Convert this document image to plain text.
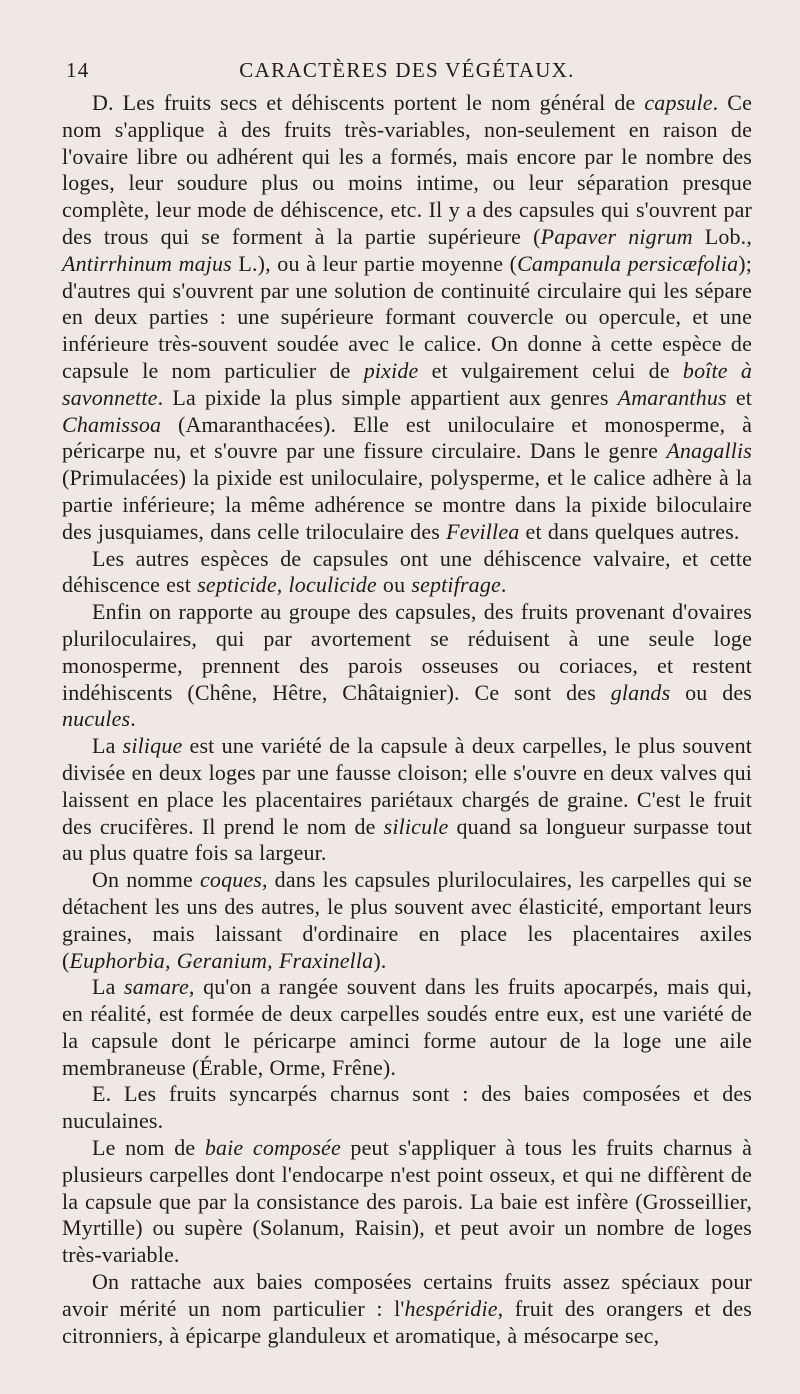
14	CARACTÈRES DES VÉGÉTAUX.

D. Les fruits secs et déhiscents portent le nom général de capsule. Ce nom s'applique à des fruits très-variables, non-seulement en raison de l'ovaire libre ou adhérent qui les a formés, mais encore par le nombre des loges, leur soudure plus ou moins intime, ou leur séparation presque complète, leur mode de déhiscence, etc. Il y a des capsules qui s'ouvrent par des trous qui se forment à la partie supérieure (Papaver nigrum Lob., Antirrhinum majus L.), ou à leur partie moyenne (Campanula persicæfolia); d'autres qui s'ouvrent par une solution de continuité circulaire qui les sépare en deux parties : une supérieure formant couvercle ou opercule, et une inférieure très-souvent soudée avec le calice. On donne à cette espèce de capsule le nom particulier de pixide et vulgairement celui de boîte à savonnette. La pixide la plus simple appartient aux genres Amaranthus et Chamissoa (Amaranthacées). Elle est uniloculaire et monosperme, à péricarpe nu, et s'ouvre par une fissure circulaire. Dans le genre Anagallis (Primulacées) la pixide est uniloculaire, polysperme, et le calice adhère à la partie inférieure; la même adhérence se montre dans la pixide biloculaire des jusquiames, dans celle triloculaire des Fevillea et dans quelques autres.

Les autres espèces de capsules ont une déhiscence valvaire, et cette déhiscence est septicide, loculicide ou septifrage.

Enfin on rapporte au groupe des capsules, des fruits provenant d'ovaires pluriloculaires, qui par avortement se réduisent à une seule loge monosperme, prennent des parois osseuses ou coriaces, et restent indéhiscents (Chêne, Hêtre, Châtaignier). Ce sont des glands ou des nucules.

La silique est une variété de la capsule à deux carpelles, le plus souvent divisée en deux loges par une fausse cloison; elle s'ouvre en deux valves qui laissent en place les placentaires pariétaux chargés de graine. C'est le fruit des crucifères. Il prend le nom de silicule quand sa longueur surpasse tout au plus quatre fois sa largeur.

On nomme coques, dans les capsules pluriloculaires, les carpelles qui se détachent les uns des autres, le plus souvent avec élasticité, emportant leurs graines, mais laissant d'ordinaire en place les placentaires axiles (Euphorbia, Geranium, Fraxinella).

La samare, qu'on a rangée souvent dans les fruits apocarpés, mais qui, en réalité, est formée de deux carpelles soudés entre eux, est une variété de la capsule dont le péricarpe aminci forme autour de la loge une aile membraneuse (Érable, Orme, Frêne).

E. Les fruits syncarpés charnus sont : des baies composées et des nuculaines.

Le nom de baie composée peut s'appliquer à tous les fruits charnus à plusieurs carpelles dont l'endocarpe n'est point osseux, et qui ne diffèrent de la capsule que par la consistance des parois. La baie est infère (Grosseillier, Myrtille) ou supère (Solanum, Raisin), et peut avoir un nombre de loges très-variable.

On rattache aux baies composées certains fruits assez spéciaux pour avoir mérité un nom particulier : l'hespéridie, fruit des orangers et des citronniers, à épicarpe glanduleux et aromatique, à mésocarpe sec,
